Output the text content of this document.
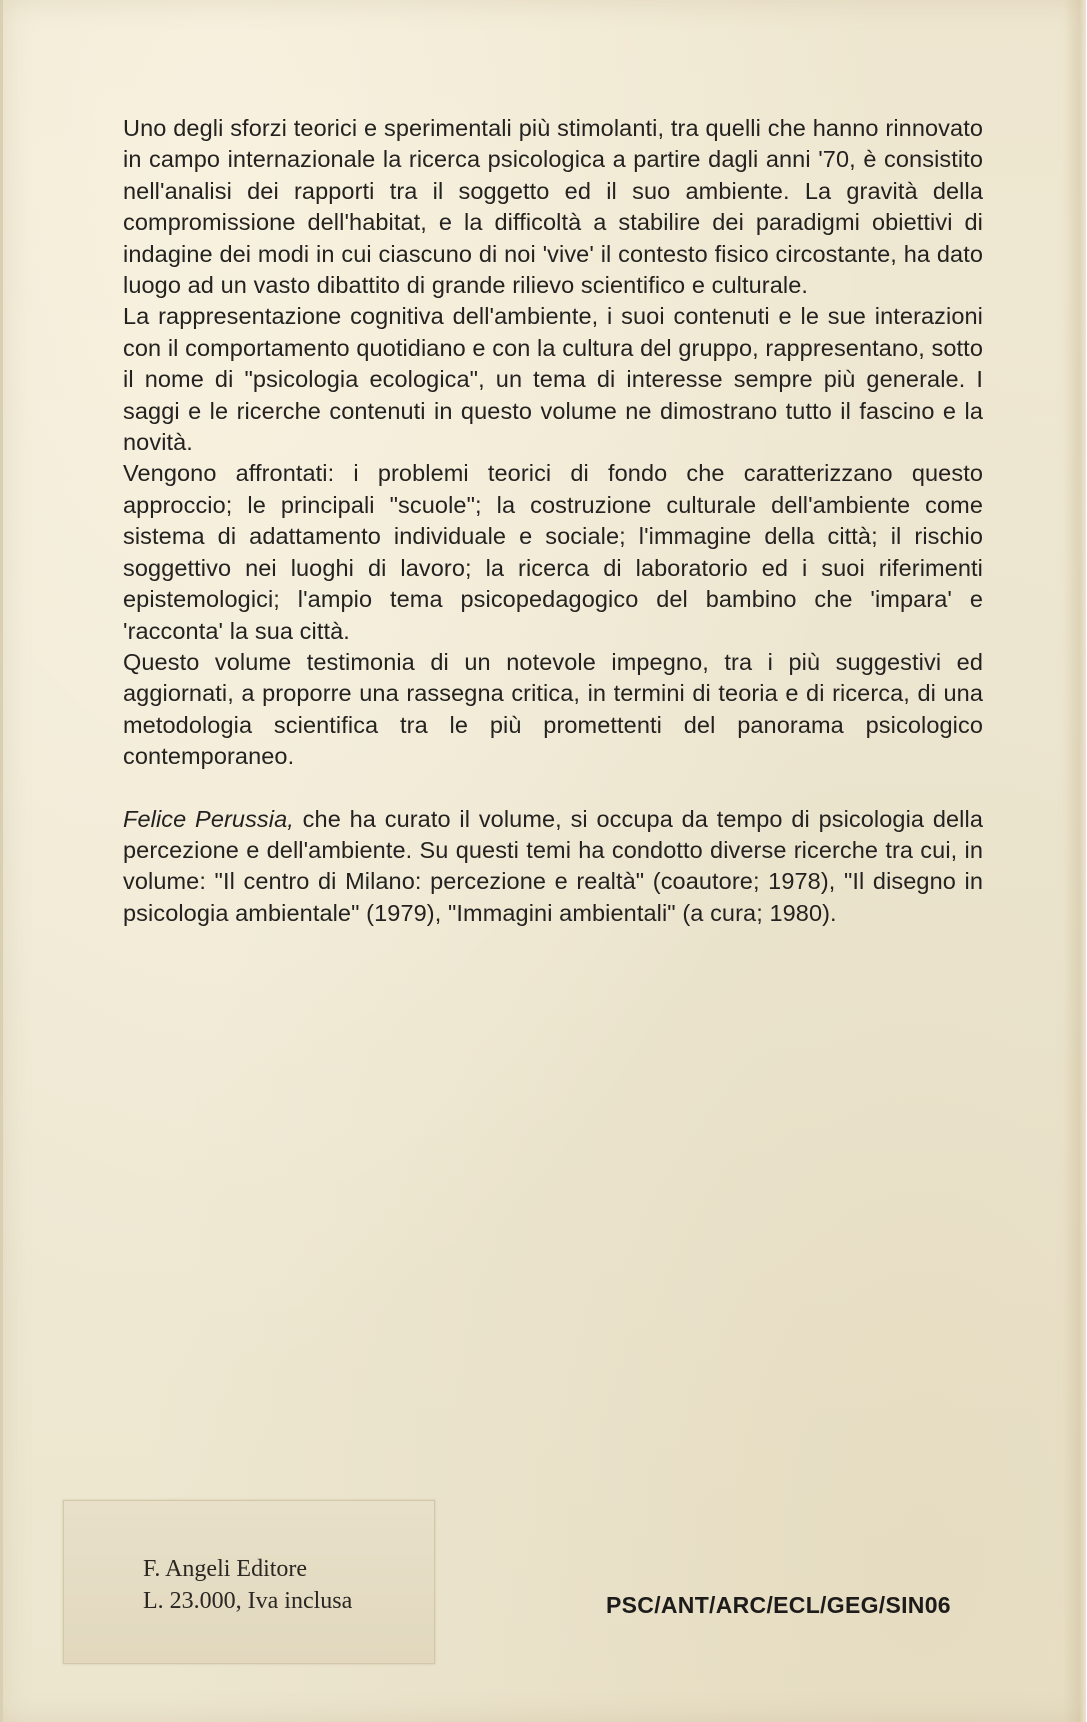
Uno degli sforzi teorici e sperimentali più stimolanti, tra quelli che hanno rinnovato in campo internazionale la ricerca psicologica a partire dagli anni '70, è consistito nell'analisi dei rapporti tra il soggetto ed il suo ambiente. La gravità della compromissione dell'habitat, e la difficoltà a stabilire dei paradigmi obiettivi di indagine dei modi in cui ciascuno di noi 'vive' il contesto fisico circostante, ha dato luogo ad un vasto dibattito di grande rilievo scientifico e culturale.

La rappresentazione cognitiva dell'ambiente, i suoi contenuti e le sue interazioni con il comportamento quotidiano e con la cultura del gruppo, rappresentano, sotto il nome di "psicologia ecologica", un tema di interesse sempre più generale. I saggi e le ricerche contenuti in questo volume ne dimostrano tutto il fascino e la novità.

Vengono affrontati: i problemi teorici di fondo che caratterizzano questo approccio; le principali "scuole"; la costruzione culturale dell'ambiente come sistema di adattamento individuale e sociale; l'immagine della città; il rischio soggettivo nei luoghi di lavoro; la ricerca di laboratorio ed i suoi riferimenti epistemologici; l'ampio tema psicopedagogico del bambino che 'impara' e 'racconta' la sua città.

Questo volume testimonia di un notevole impegno, tra i più suggestivi ed aggiornati, a proporre una rassegna critica, in termini di teoria e di ricerca, di una metodologia scientifica tra le più promettenti del panorama psicologico contemporaneo.

Felice Perussia, che ha curato il volume, si occupa da tempo di psicologia della percezione e dell'ambiente. Su questi temi ha condotto diverse ricerche tra cui, in volume: "Il centro di Milano: percezione e realtà" (coautore; 1978), "Il disegno in psicologia ambientale" (1979), "Immagini ambientali" (a cura; 1980).

F. Angeli Editore
L. 23.000, Iva inclusa	PSC/ANT/ARC/ECL/GEG/SIN06
